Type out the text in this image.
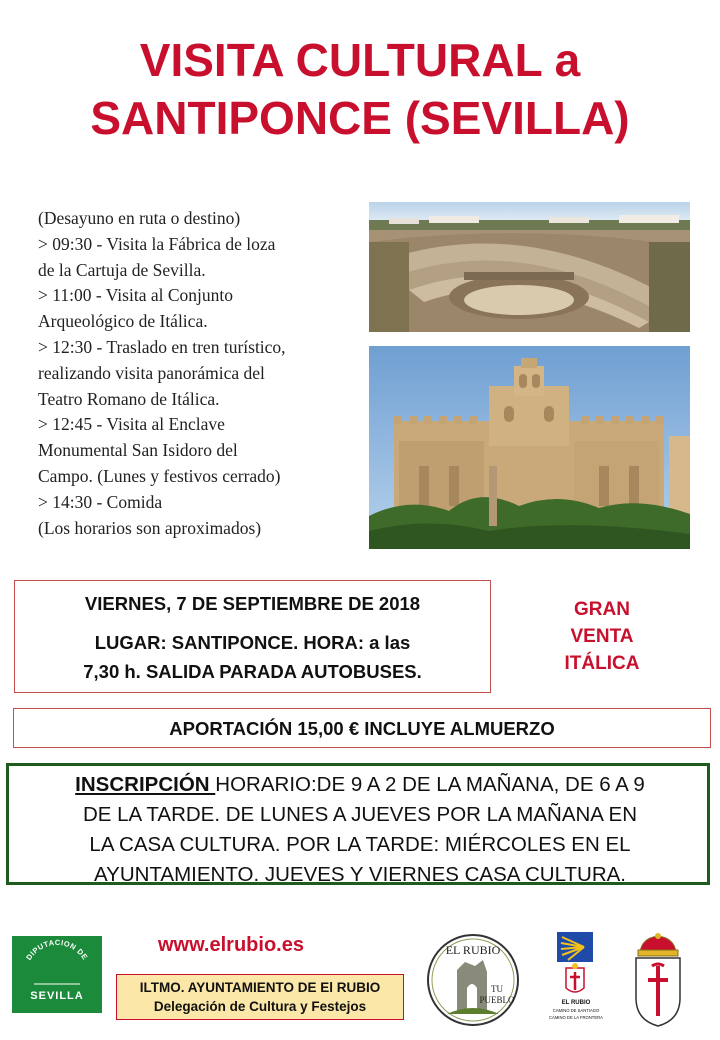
VISITA CULTURAL a
SANTIPONCE (SEVILLA)
(Desayuno en ruta o destino)
> 09:30 - Visita la Fábrica de loza
de la Cartuja de Sevilla.
> 11:00 - Visita al Conjunto
Arqueológico de Itálica.
> 12:30 - Traslado en tren turístico,
realizando visita panorámica del
Teatro Romano de Itálica.
> 12:45 - Visita al Enclave
Monumental San Isidoro del
Campo. (Lunes y festivos cerrado)
> 14:30 - Comida
(Los horarios son aproximados)
VIERNES, 7 DE SEPTIEMBRE DE 2018
LUGAR: SANTIPONCE. HORA: a las
7,30 h. SALIDA PARADA AUTOBUSES.
GRAN
VENTA
ITÁLICA
APORTACIÓN 15,00 € INCLUYE ALMUERZO
INSCRIPCIÓN HORARIO:DE 9 A 2 DE LA MAÑANA, DE 6 A 9
DE LA TARDE. DE LUNES A JUEVES POR LA MAÑANA EN
LA CASA CULTURA. POR LA TARDE: MIÉRCOLES EN EL
AYUNTAMIENTO. JUEVES Y VIERNES CASA CULTURA.
DIPUTACION DE
SEVILLA
www.elrubio.es
ILTMO. AYUNTAMIENTO DE El RUBIO
Delegación de Cultura y Festejos
EL RUBIO
TU
PUEBLO	EL RUBIO
CAMINO DE SANTIAGO
CAMINO DE LA FRONTERA
